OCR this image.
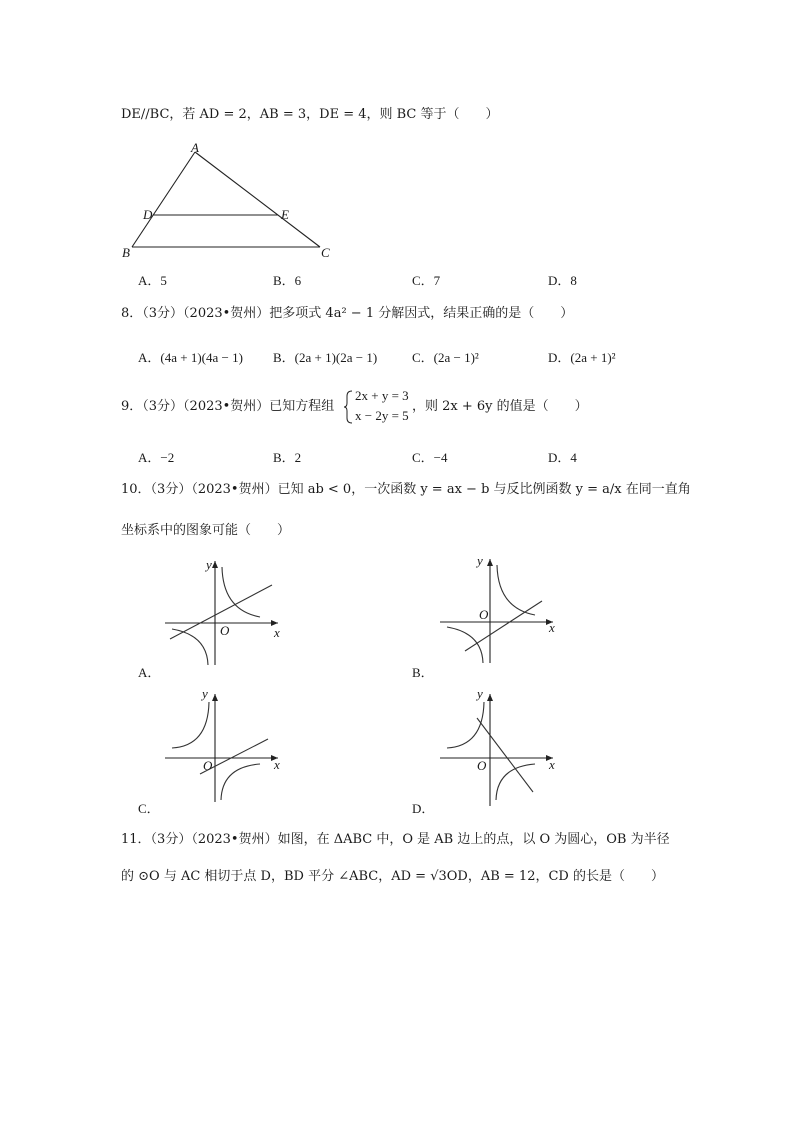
DE//BC，若 AD = 2，AB = 3，DE = 4，则 BC 等于（　　）
A
D	E
B	C
A．5	B．6	C．7	D．8
8．（3分）（2023•贺州）把多项式 4a² − 1 分解因式，结果正确的是（　　）
A．(4a + 1)(4a − 1) B．(2a + 1)(2a − 1)	C．(2a − 1)²	D．(2a + 1)²
9．（3分）（2023•贺州）已知方程组
2x + y = 3
x − 2y = 5
，则 2x + 6y 的值是（　　）
A．−2	B．2	C．−4	D．4
10．（3分）（2023•贺州）已知 ab < 0，一次函数 y = ax − b 与反比例函数 y = a/x 在同一直角
坐标系中的图象可能（　　）
y
x
O
A．
y
x
O
B．
y
x
O
C．
y
x
O
D．
11．（3分）（2023•贺州）如图，在 ΔABC 中，O 是 AB 边上的点，以 O 为圆心，OB 为半径
的 ⊙O 与 AC 相切于点 D，BD 平分 ∠ABC，AD = √3OD，AB = 12，CD 的长是（　　）
